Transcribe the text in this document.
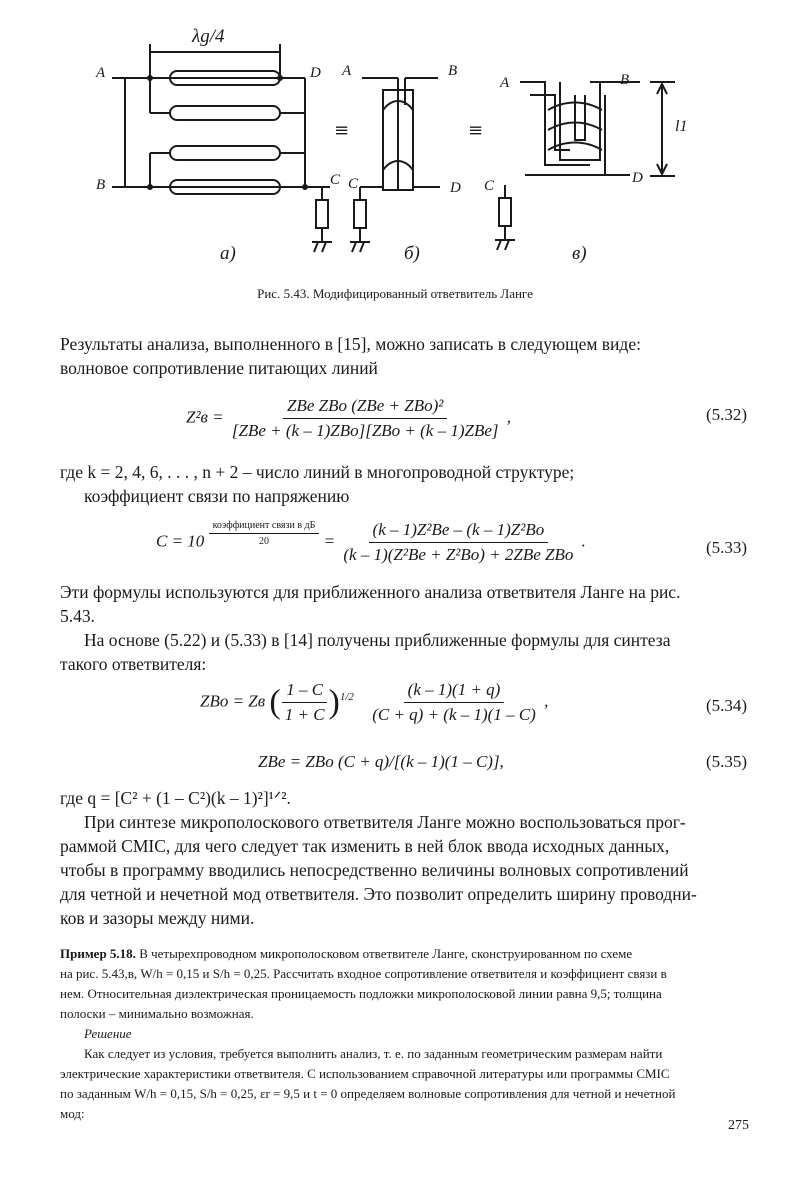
λg/4
A	D
B	C
A	B
C	D
A	B
C	D
l1
≡	≡
а)	б)	в)
Рис. 5.43. Модифицированный ответвитель Ланге
Результаты анализа, выполненного в [15], можно записать в следующем виде:
волновое сопротивление питающих линий
$Z^2в = \frac{\text{ZBe ZBo (ZBe + ZBo)²}}{\text{[ZBe + (k – 1)ZBo][ZBo + (k – 1)ZBe]}}$ ,	(5.32)
где k = 2, 4, 6, . . . , n + 2 – число линий в многопроводной структуре;
коэффициент связи по напряжению
$C = 10 \frac{\text{коэффициент связи в дБ}}{20} = \frac{\text{(k – 1)Z²Be – (k – 1)Z²Bo}}{\text{(k – 1)(Z²Be + Z²Bo) + 2ZBe ZBo}}$ .	(5.33)
Эти формулы используются для приближенного анализа ответвителя Ланге на рис.
5.43.
На основе (5.22) и (5.33) в [14] получены приближенные формулы для синтеза
такого ответвителя:
ZBo = Zв ( $\frac{1 - C}{1 + C} )^{1/2} \frac{(k - 1)(1 + q)}{(C + q) + (k - 1)(1 - C)}$ ,	(5.34)
ZBe = ZBo (C + q)/[(k – 1)(1 – C)],	(5.35)
где q = [C² + (1 – C²)(k – 1)²]¹ᐟ².
При синтезе микрополоскового ответвителя Ланге можно воспользоваться прог-
раммой CMIC, для чего следует так изменить в ней блок ввода исходных данных,
чтобы в программу вводились непосредственно величины волновых сопротивлений
для четной и нечетной мод ответвителя. Это позволит определить ширину проводни-
ков и зазоры между ними.
Пример 5.18. В четырехпроводном микрополосковом ответвителе Ланге, сконструированном по схеме
на рис. 5.43,в, W/h = 0,15 и S/h = 0,25. Рассчитать входное сопротивление ответвителя и коэффициент связи в
нем. Относительная диэлектрическая проницаемость подложки микрополосковой линии равна 9,5; толщина
полоски – минимально возможная.
Решение
Как следует из условия, требуется выполнить анализ, т. е. по заданным геометрическим размерам найти
электрические характеристики ответвителя. С использованием справочной литературы или программы CMIC
по заданным W/h = 0,15, S/h = 0,25, εr = 9,5 и t = 0 определяем волновые сопротивления для четной и нечетной
мод:
275
